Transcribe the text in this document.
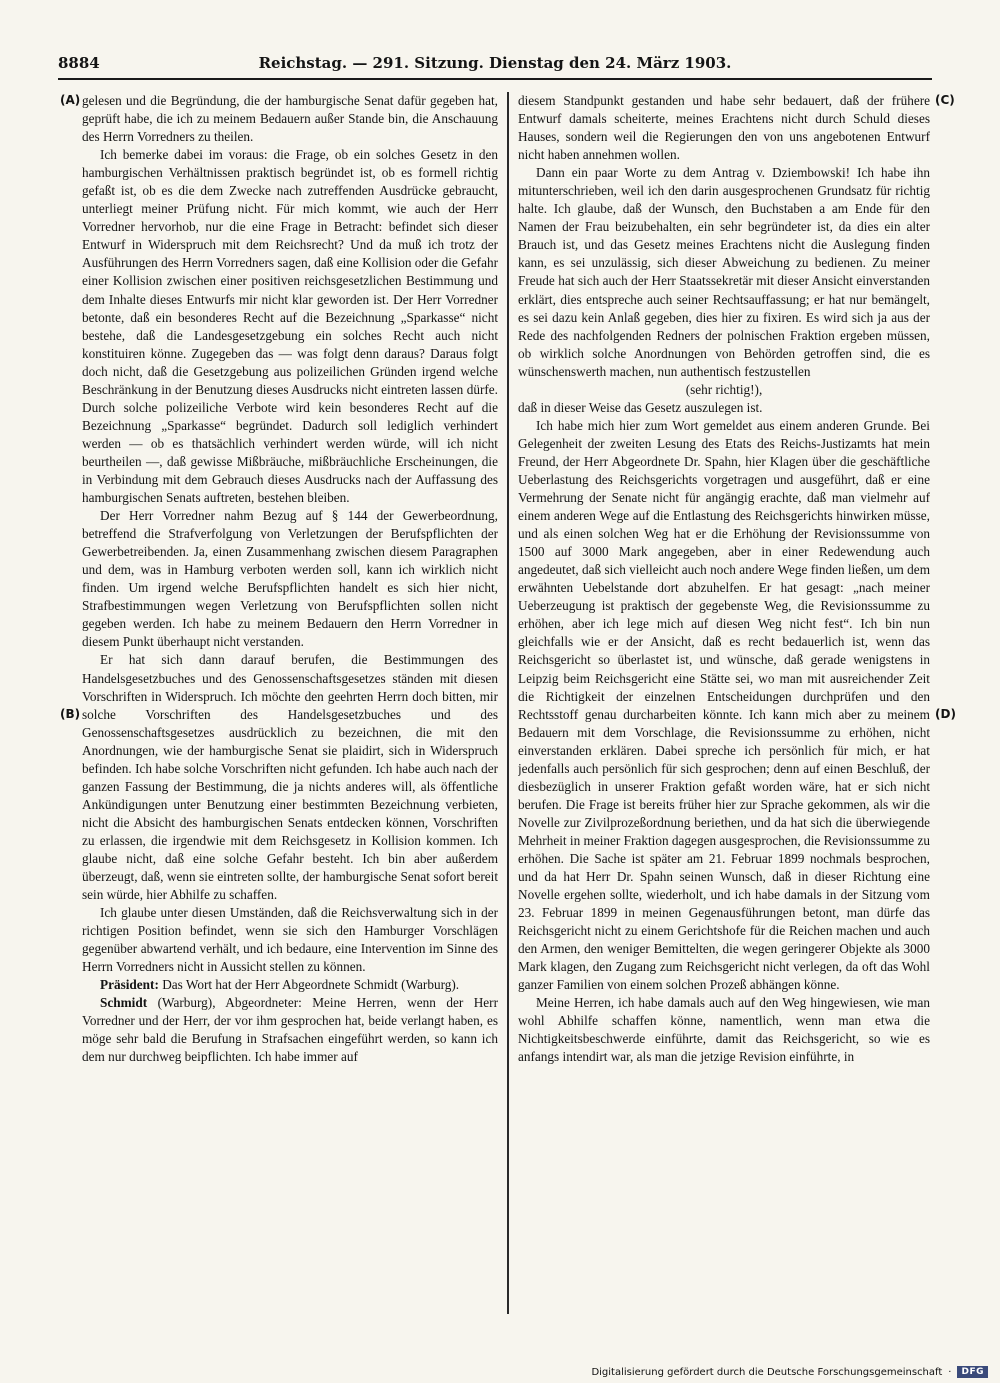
8884	Reichstag. — 291. Sitzung. Dienstag den 24. März 1903.
(A)
(B)
(C)
(D)

gelesen und die Begründung, die der hamburgische Senat dafür gegeben hat, geprüft habe, die ich zu meinem Bedauern außer Stande bin, die Anschauung des Herrn Vorredners zu theilen.

Ich bemerke dabei im voraus: die Frage, ob ein solches Gesetz in den hamburgischen Verhältnissen praktisch begründet ist, ob es formell richtig gefaßt ist, ob es die dem Zwecke nach zutreffenden Ausdrücke gebraucht, unterliegt meiner Prüfung nicht. Für mich kommt, wie auch der Herr Vorredner hervorhob, nur die eine Frage in Betracht: befindet sich dieser Entwurf in Widerspruch mit dem Reichsrecht? Und da muß ich trotz der Ausführungen des Herrn Vorredners sagen, daß eine Kollision oder die Gefahr einer Kollision zwischen einer positiven reichsgesetzlichen Bestimmung und dem Inhalte dieses Entwurfs mir nicht klar geworden ist. Der Herr Vorredner betonte, daß ein besonderes Recht auf die Bezeichnung „Sparkasse“ nicht bestehe, daß die Landesgesetzgebung ein solches Recht auch nicht konstituiren könne. Zugegeben das — was folgt denn daraus? Daraus folgt doch nicht, daß die Gesetzgebung aus polizeilichen Gründen irgend welche Beschränkung in der Benutzung dieses Ausdrucks nicht eintreten lassen dürfe. Durch solche polizeiliche Verbote wird kein besonderes Recht auf die Bezeichnung „Sparkasse“ begründet. Dadurch soll lediglich verhindert werden — ob es thatsächlich verhindert werden würde, will ich nicht beurtheilen —, daß gewisse Mißbräuche, mißbräuchliche Erscheinungen, die in Verbindung mit dem Gebrauch dieses Ausdrucks nach der Auffassung des hamburgischen Senats auftreten, bestehen bleiben.

Der Herr Vorredner nahm Bezug auf § 144 der Gewerbeordnung, betreffend die Strafverfolgung von Verletzungen der Berufspflichten der Gewerbetreibenden. Ja, einen Zusammenhang zwischen diesem Paragraphen und dem, was in Hamburg verboten werden soll, kann ich wirklich nicht finden. Um irgend welche Berufspflichten handelt es sich hier nicht, Strafbestimmungen wegen Verletzung von Berufspflichten sollen nicht gegeben werden. Ich habe zu meinem Bedauern den Herrn Vorredner in diesem Punkt überhaupt nicht verstanden.

Er hat sich dann darauf berufen, die Bestimmungen des Handelsgesetzbuches und des Genossenschaftsgesetzes ständen mit diesen Vorschriften in Widerspruch. Ich möchte den geehrten Herrn doch bitten, mir solche Vorschriften des Handelsgesetzbuches und des Genossenschaftsgesetzes ausdrücklich zu bezeichnen, die mit den Anordnungen, wie der hamburgische Senat sie plaidirt, sich in Widerspruch befinden. Ich habe solche Vorschriften nicht gefunden. Ich habe auch nach der ganzen Fassung der Bestimmung, die ja nichts anderes will, als öffentliche Ankündigungen unter Benutzung einer bestimmten Bezeichnung verbieten, nicht die Absicht des hamburgischen Senats entdecken können, Vorschriften zu erlassen, die irgendwie mit dem Reichsgesetz in Kollision kommen. Ich glaube nicht, daß eine solche Gefahr besteht. Ich bin aber außerdem überzeugt, daß, wenn sie eintreten sollte, der hamburgische Senat sofort bereit sein würde, hier Abhilfe zu schaffen.

Ich glaube unter diesen Umständen, daß die Reichsverwaltung sich in der richtigen Position befindet, wenn sie sich den Hamburger Vorschlägen gegenüber abwartend verhält, und ich bedaure, eine Intervention im Sinne des Herrn Vorredners nicht in Aussicht stellen zu können.

Präsident: Das Wort hat der Herr Abgeordnete Schmidt (Warburg).

Schmidt (Warburg), Abgeordneter: Meine Herren, wenn der Herr Vorredner und der Herr, der vor ihm gesprochen hat, beide verlangt haben, es möge sehr bald die Berufung in Strafsachen eingeführt werden, so kann ich dem nur durchweg beipflichten. Ich habe immer auf

diesem Standpunkt gestanden und habe sehr bedauert, daß der frühere Entwurf damals scheiterte, meines Erachtens nicht durch Schuld dieses Hauses, sondern weil die Regierungen den von uns angebotenen Entwurf nicht haben annehmen wollen.

Dann ein paar Worte zu dem Antrag v. Dziembowski! Ich habe ihn mitunterschrieben, weil ich den darin ausgesprochenen Grundsatz für richtig halte. Ich glaube, daß der Wunsch, den Buchstaben a am Ende für den Namen der Frau beizubehalten, ein sehr begründeter ist, da dies ein alter Brauch ist, und das Gesetz meines Erachtens nicht die Auslegung finden kann, es sei unzulässig, sich dieser Abweichung zu bedienen. Zu meiner Freude hat sich auch der Herr Staatssekretär mit dieser Ansicht einverstanden erklärt, dies entspreche auch seiner Rechtsauffassung; er hat nur bemängelt, es sei dazu kein Anlaß gegeben, dies hier zu fixiren. Es wird sich ja aus der Rede des nachfolgenden Redners der polnischen Fraktion ergeben müssen, ob wirklich solche Anordnungen von Behörden getroffen sind, die es wünschenswerth machen, nun authentisch festzustellen

(sehr richtig!),

daß in dieser Weise das Gesetz auszulegen ist.

Ich habe mich hier zum Wort gemeldet aus einem anderen Grunde. Bei Gelegenheit der zweiten Lesung des Etats des Reichs-Justizamts hat mein Freund, der Herr Abgeordnete Dr. Spahn, hier Klagen über die geschäftliche Ueberlastung des Reichsgerichts vorgetragen und ausgeführt, daß er eine Vermehrung der Senate nicht für angängig erachte, daß man vielmehr auf einem anderen Wege auf die Entlastung des Reichsgerichts hinwirken müsse, und als einen solchen Weg hat er die Erhöhung der Revisionssumme von 1500 auf 3000 Mark angegeben, aber in einer Redewendung auch angedeutet, daß sich vielleicht auch noch andere Wege finden ließen, um dem erwähnten Uebelstande dort abzuhelfen. Er hat gesagt: „nach meiner Ueberzeugung ist praktisch der gegebenste Weg, die Revisionssumme zu erhöhen, aber ich lege mich auf diesen Weg nicht fest“. Ich bin nun gleichfalls wie er der Ansicht, daß es recht bedauerlich ist, wenn das Reichsgericht so überlastet ist, und wünsche, daß gerade wenigstens in Leipzig beim Reichsgericht eine Stätte sei, wo man mit ausreichender Zeit die Richtigkeit der einzelnen Entscheidungen durchprüfen und den Rechtsstoff genau durcharbeiten könnte. Ich kann mich aber zu meinem Bedauern mit dem Vorschlage, die Revisionssumme zu erhöhen, nicht einverstanden erklären. Dabei spreche ich persönlich für mich, er hat jedenfalls auch persönlich für sich gesprochen; denn auf einen Beschluß, der diesbezüglich in unserer Fraktion gefaßt worden wäre, hat er sich nicht berufen. Die Frage ist bereits früher hier zur Sprache gekommen, als wir die Novelle zur Zivilprozeßordnung beriethen, und da hat sich die überwiegende Mehrheit in meiner Fraktion dagegen ausgesprochen, die Revisionssumme zu erhöhen. Die Sache ist später am 21. Februar 1899 nochmals besprochen, und da hat Herr Dr. Spahn seinen Wunsch, daß in dieser Richtung eine Novelle ergehen sollte, wiederholt, und ich habe damals in der Sitzung vom 23. Februar 1899 in meinen Gegenausführungen betont, man dürfe das Reichsgericht nicht zu einem Gerichtshofe für die Reichen machen und auch den Armen, den weniger Bemittelten, die wegen geringerer Objekte als 3000 Mark klagen, den Zugang zum Reichsgericht nicht verlegen, da oft das Wohl ganzer Familien von einem solchen Prozeß abhängen könne.

Meine Herren, ich habe damals auch auf den Weg hingewiesen, wie man wohl Abhilfe schaffen könne, namentlich, wenn man etwa die Nichtigkeitsbeschwerde einführte, damit das Reichsgericht, so wie es anfangs intendirt war, als man die jetzige Revision einführte, in

Digitalisierung gefördert durch die Deutsche Forschungsgemeinschaft ·	DFG
